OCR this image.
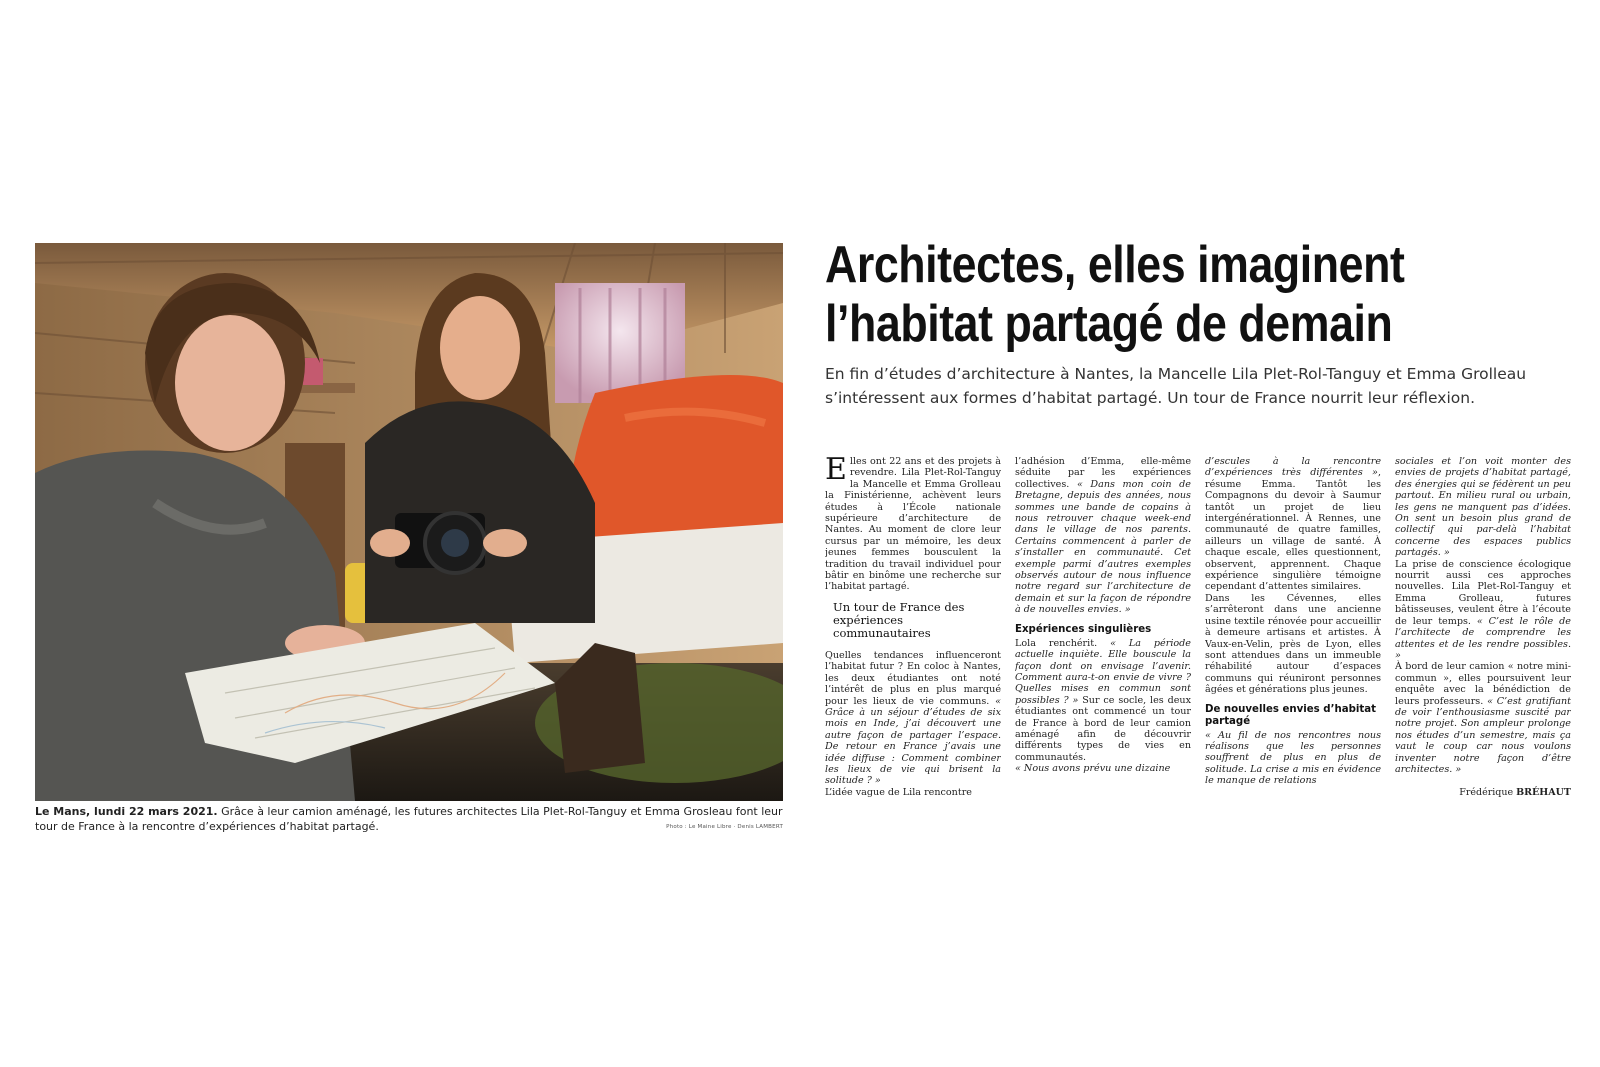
Le Mans, lundi 22 mars 2021. Grâce à leur camion aménagé, les futures architectes Lila Plet-Rol-Tanguy et Emma Grosleau font leur tour de France à la rencontre d’expériences d’habitat partagé.	Photo : Le Maine Libre · Denis LAMBERT
Architectes, elles imaginent
l’habitat partagé de demain
En fin d’études d’architecture à Nantes, la Mancelle Lila Plet-Rol-Tanguy et Emma Grolleau s’intéressent aux formes d’habitat partagé. Un tour de France nourrit leur réflexion.

Elles ont 22 ans et des projets à revendre. Lila Plet-Rol-Tanguy la Mancelle et Emma Grolleau la Finistérienne, achèvent leurs études à l’École nationale supérieure d’architecture de Nantes. Au moment de clore leur cursus par un mémoire, les deux jeunes femmes bousculent la tradition du travail individuel pour bâtir en binôme une recherche sur l’habitat partagé.

Un tour de France des expériences communautaires

Quelles tendances influenceront l’habitat futur ? En coloc à Nantes, les deux étudiantes ont noté l’intérêt de plus en plus marqué pour les lieux de vie communs. « Grâce à un séjour d’études de six mois en Inde, j’ai découvert une autre façon de partager l’espace. De retour en France j’avais une idée diffuse : Comment combiner les lieux de vie qui brisent la solitude ? »

L’idée vague de Lila rencontre

l’adhésion d’Emma, elle-même séduite par les expériences collectives. « Dans mon coin de Bretagne, depuis des années, nous sommes une bande de copains à nous retrouver chaque week-end dans le village de nos parents. Certains commencent à parler de s’installer en communauté. Cet exemple parmi d’autres exemples observés autour de nous influence notre regard sur l’architecture de demain et sur la façon de répondre à de nouvelles envies. »

Expériences singulières

Lola renchérit. « La période actuelle inquiète. Elle bouscule la façon dont on envisage l’avenir. Comment aura-t-on envie de vivre ? Quelles mises en commun sont possibles ? » Sur ce socle, les deux étudiantes ont commencé un tour de France à bord de leur camion aménagé afin de découvrir différents types de vies en communautés.

« Nous avons prévu une dizaine

d’escules à la rencontre d’expériences très différentes », résume Emma. Tantôt les Compagnons du devoir à Saumur tantôt un projet de lieu intergénérationnel. À Rennes, une communauté de quatre familles, ailleurs un village de santé. À chaque escale, elles questionnent, observent, apprennent. Chaque expérience singulière témoigne cependant d’attentes similaires.

Dans les Cévennes, elles s’arrêteront dans une ancienne usine textile rénovée pour accueillir à demeure artisans et artistes. À Vaux-en-Velin, près de Lyon, elles sont attendues dans un immeuble réhabilité autour d’espaces communs qui réuniront personnes âgées et générations plus jeunes.

De nouvelles envies d’habitat partagé

« Au fil de nos rencontres nous réalisons que les personnes souffrent de plus en plus de solitude. La crise a mis en évidence le manque de relations

sociales et l’on voit monter des envies de projets d’habitat partagé, des énergies qui se fédèrent un peu partout. En milieu rural ou urbain, les gens ne manquent pas d’idées. On sent un besoin plus grand de collectif qui par-delà l’habitat concerne des espaces publics partagés. »

La prise de conscience écologique nourrit aussi ces approches nouvelles. Lila Plet-Rol-Tanguy et Emma Grolleau, futures bâtisseuses, veulent être à l’écoute de leur temps. « C’est le rôle de l’architecte de comprendre les attentes et de les rendre possibles. »

À bord de leur camion « notre mini-commun », elles poursuivent leur enquête avec la bénédiction de leurs professeurs. « C’est gratifiant de voir l’enthousiasme suscité par notre projet. Son ampleur prolonge nos études d’un semestre, mais ça vaut le coup car nous voulons inventer notre façon d’être architectes. »

Frédérique BRÉHAUT
